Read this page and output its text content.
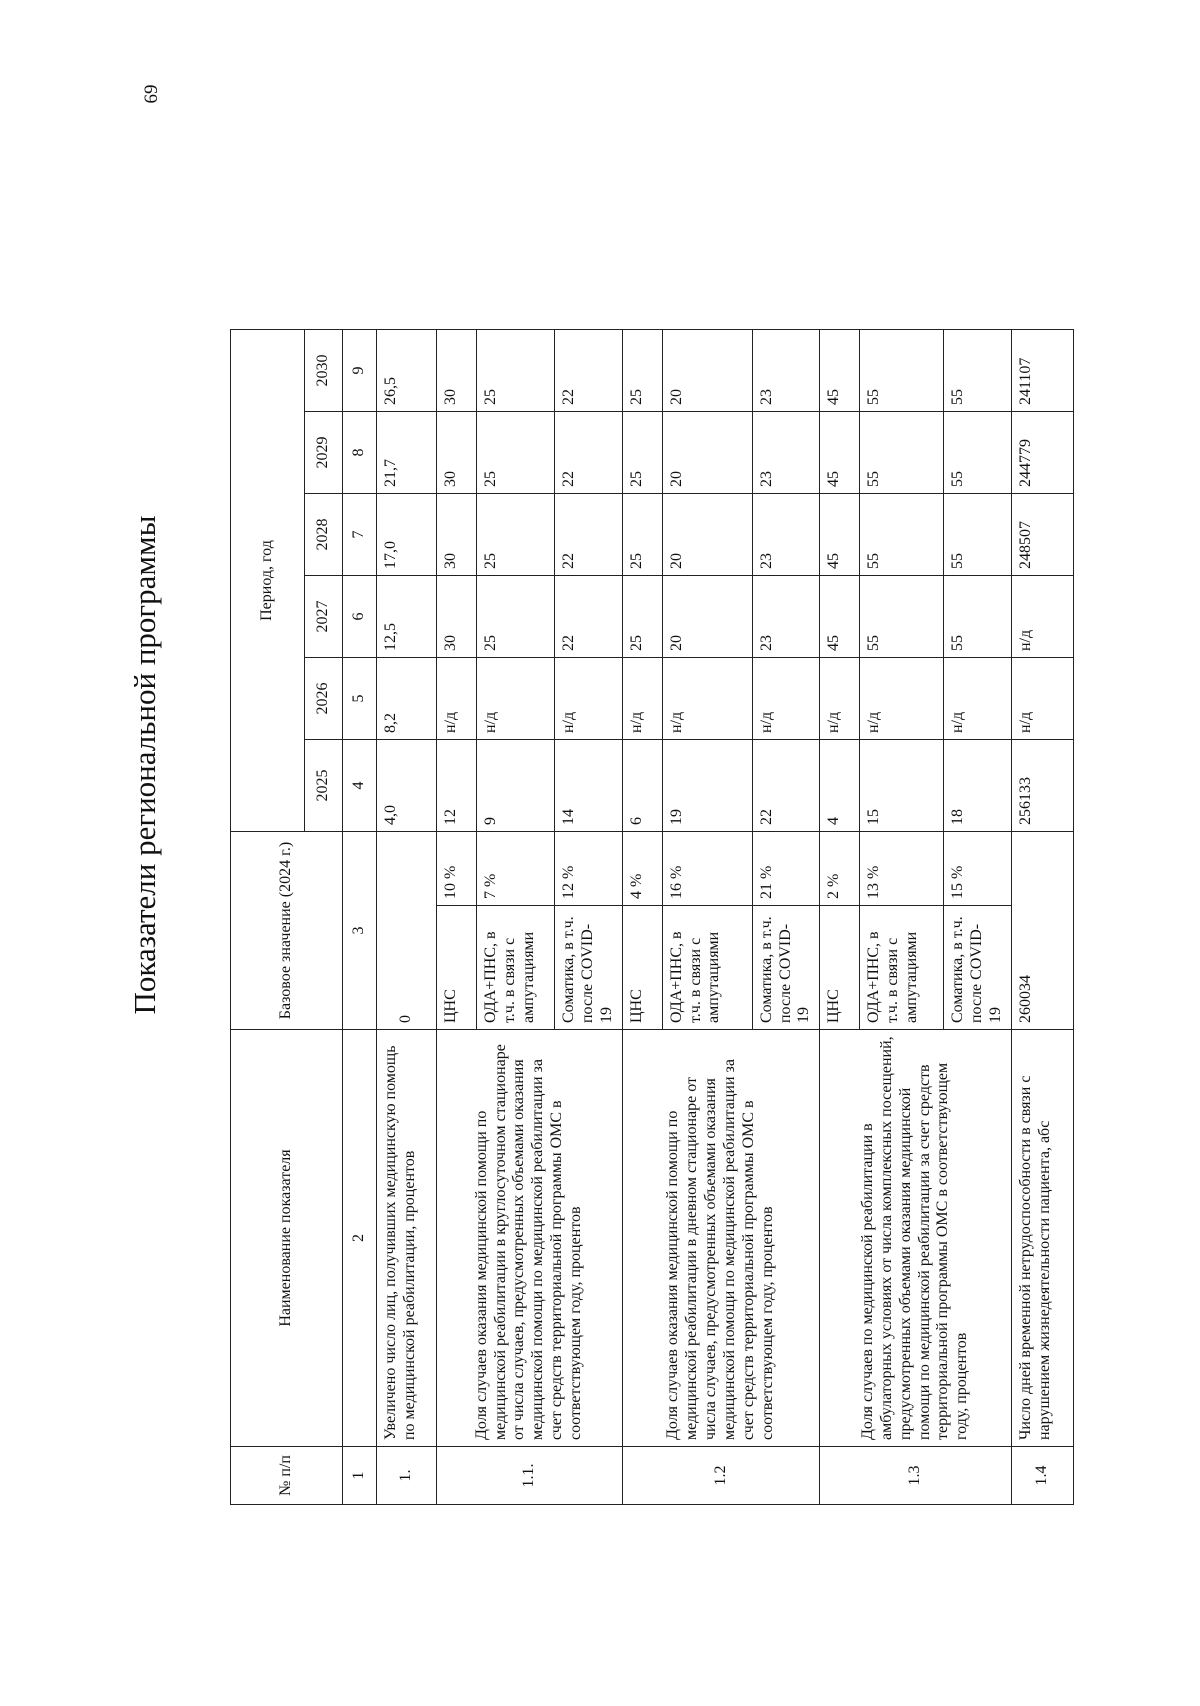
69
Показатели региональной программы
№ п/п	Наименование показателя	Базовое значение (2024 г.)		Период, год					
				2025	2026	2027	2028	2029	2030
1	2	3		4	5	6	7	8	9
1.	Увеличено число лиц, получивших медицинскую помощь по медицинской реабилитации, процентов	0		4,0	8,2	12,5	17,0	21,7	26,5
1.1.	Доля случаев оказания медицинской помощи по медицинской реабилитации в круглосуточном стационаре от числа случаев, предусмотренных объемами оказания медицинской помощи по медицинской реабилитации за счет средств территориальной программы ОМС в соответствующем году, процентов	ЦНС	10 %	12	н/д	30	30	30	30
		ОДА+ПНС, в т.ч. в связи с ампутациями	7 %	9	н/д	25	25	25	25
		Соматика, в т.ч. после COVID-19	12 %	14	н/д	22	22	22	22
1.2	Доля случаев оказания медицинской помощи по медицинской реабилитации в дневном стационаре от числа случаев, предусмотренных объемами оказания медицинской помощи по медицинской реабилитации за счет средств территориальной программы ОМС в соответствующем году, процентов	ЦНС	4 %	6	н/д	25	25	25	25
		ОДА+ПНС, в т.ч. в связи с ампутациями	16 %	19	н/д	20	20	20	20
		Соматика, в т.ч. после COVID-19	21 %	22	н/д	23	23	23	23
1.3	Доля случаев по медицинской реабилитации в амбулаторных условиях от числа комплексных посещений, предусмотренных объемами оказания медицинской помощи по медицинской реабилитации за счет средств территориальной программы ОМС в соответствующем году, процентов	ЦНС	2 %	4	н/д	45	45	45	45
		ОДА+ПНС, в т.ч. в связи с ампутациями	13 %	15	н/д	55	55	55	55
		Соматика, в т.ч. после COVID-19	15 %	18	н/д	55	55	55	55
1.4	Число дней временной нетрудоспособности в связи с нарушением жизнедеятельности пациента, абс	260034		256133	н/д	н/д	248507	244779	241107
